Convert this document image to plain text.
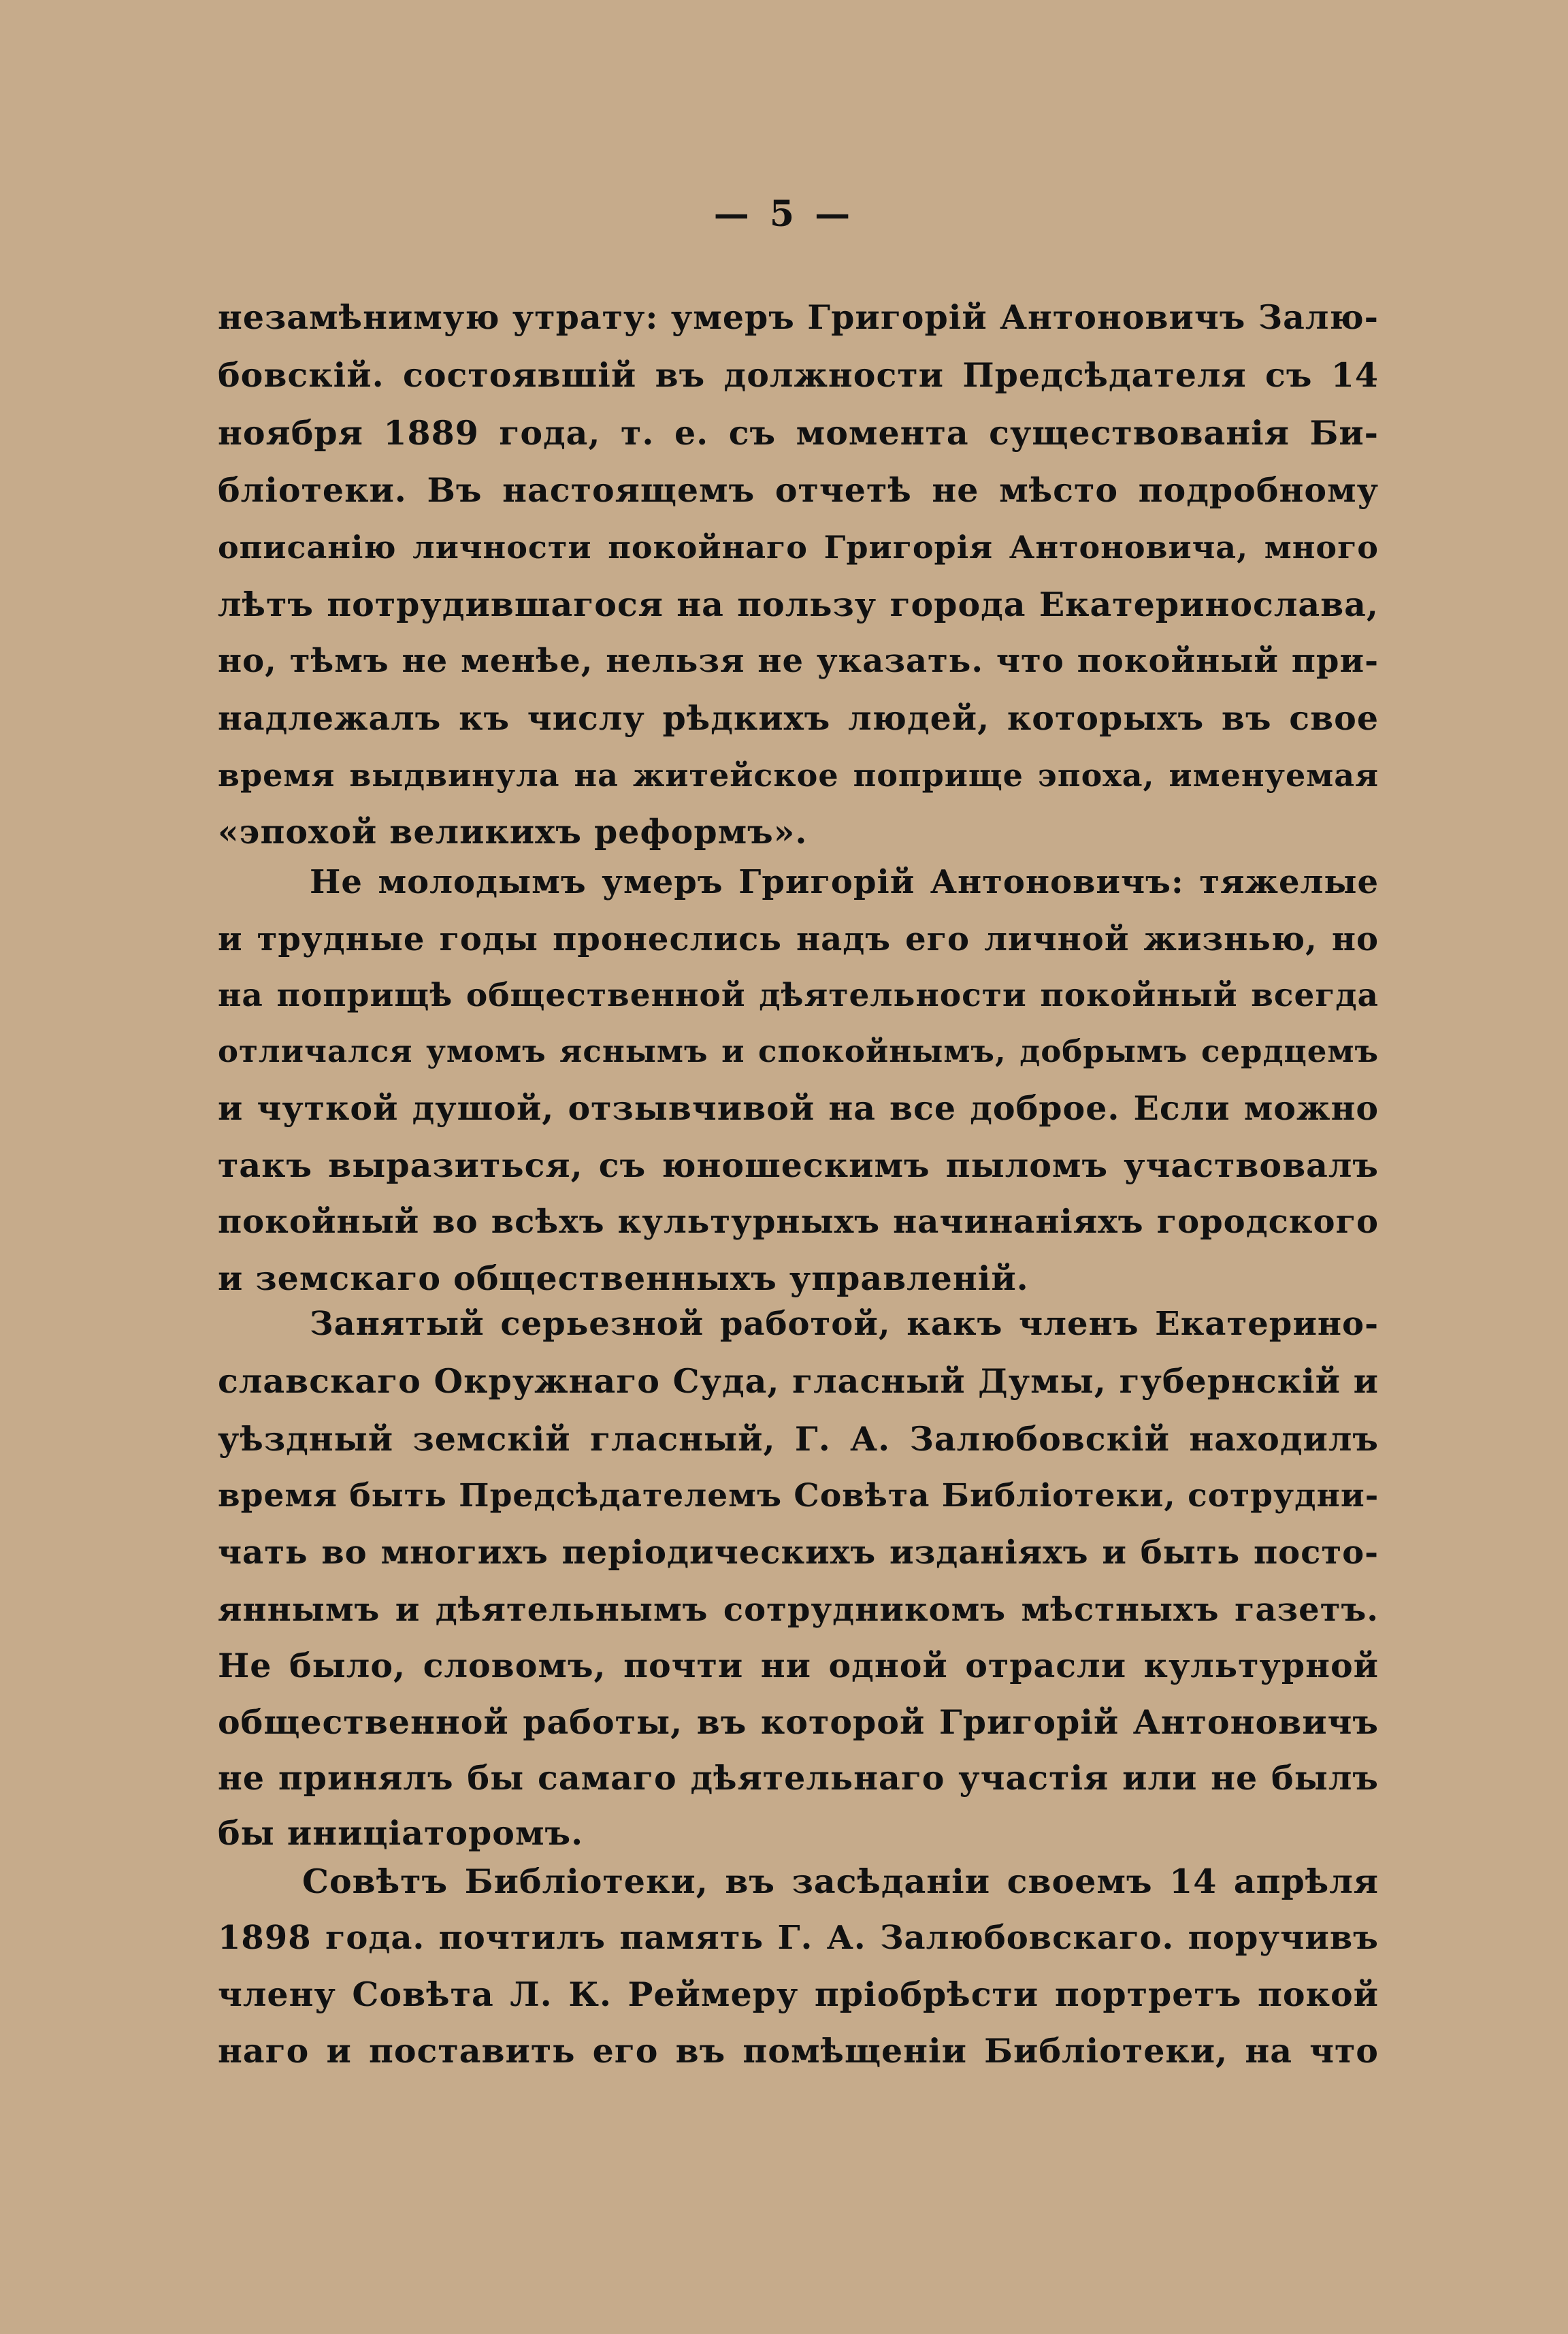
— 5 —
незамѣнимую утрату: умеръ Григорій Антоновичъ Залю-
бовскій. состоявшій въ должности Предсѣдателя съ 14
ноября 1889 года, т. е. съ момента существованія Би-
бліотеки. Въ настоящемъ отчетѣ не мѣсто подробному
описанію личности покойнаго Григорія Антоновича, много
лѣтъ потрудившагося на пользу города Екатеринослава,
но, тѣмъ не менѣе, нельзя не указать. что покойный при-
надлежалъ къ числу рѣдкихъ людей, которыхъ въ свое
время выдвинула на житейское поприще эпоха, именуемая
«эпохой великихъ реформъ».
Не молодымъ умеръ Григорій Антоновичъ: тяжелые
и трудные годы пронеслись надъ его личной жизнью, но
на поприщѣ общественной дѣятельности покойный всегда
отличался умомъ яснымъ и спокойнымъ, добрымъ сердцемъ
и чуткой душой, отзывчивой на все доброе. Если можно
такъ выразиться, съ юношескимъ пыломъ участвовалъ
покойный во всѣхъ культурныхъ начинаніяхъ городского
и земскаго общественныхъ управленій.
Занятый серьезной работой, какъ членъ Екатерино-
славскаго Окружнаго Суда, гласный Думы, губернскій и
уѣздный земскій гласный, Г. А. Залюбовскій находилъ
время быть Предсѣдателемъ Совѣта Библіотеки, сотрудни-
чать во многихъ періодическихъ изданіяхъ и быть посто-
яннымъ и дѣятельнымъ сотрудникомъ мѣстныхъ газетъ.
Не было, словомъ, почти ни одной отрасли культурной
общественной работы, въ которой Григорій Антоновичъ
не принялъ бы самаго дѣятельнаго участія или не былъ
бы иниціаторомъ.
Совѣтъ Библіотеки, въ засѣданіи своемъ 14 апрѣля
1898 года. почтилъ память Г. А. Залюбовскаго. поручивъ
члену Совѣта Л. К. Реймеру пріобрѣсти портретъ покой
наго и поставить его въ помѣщеніи Библіотеки, на что
